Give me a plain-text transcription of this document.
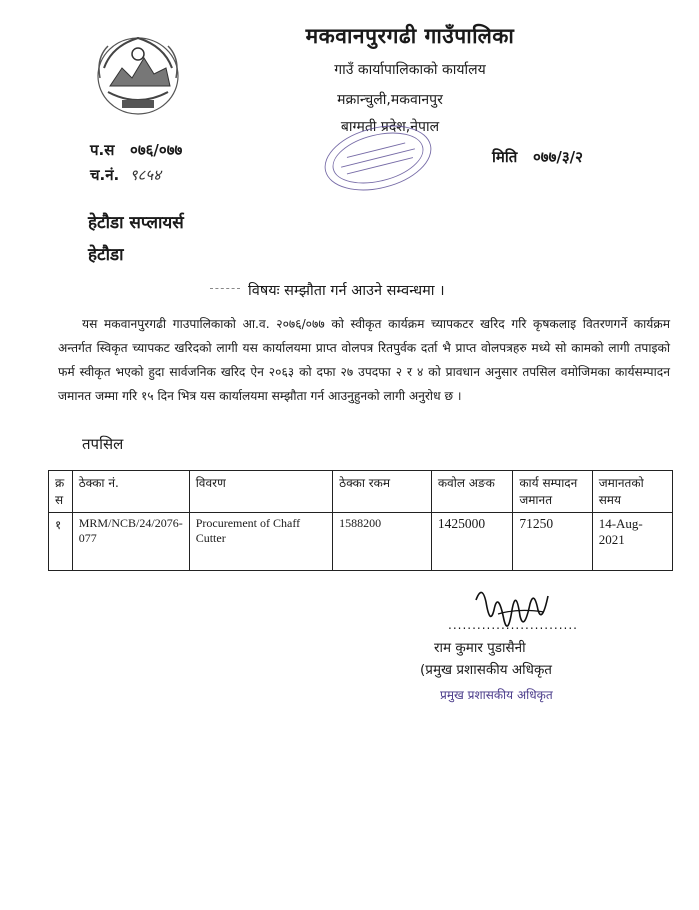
मकवानपुरगढी गाउँपालिका
गाउँ कार्यापालिकाको कार्यालय
मक्रान्चुली,मकवानपुर
बाग्मती प्रदेश,नेपाल
प.स ०७६/०७७
च.नं. ९८५४
मिति ०७७/३/२
हेटौडा सप्लायर्स
हेटौडा
विषयः सम्झौता गर्न आउने सम्वन्धमा ।

यस मकवानपुरगढी गाउपालिकाको आ.व. २०७६/०७७ को स्वीकृत कार्यक्रम च्यापकटर खरिद गरि कृषकलाइ वितरणगर्ने कार्यक्रम अन्तर्गत स्विकृत च्यापकट खरिदको लागी यस कार्यालयमा प्राप्त वोलपत्र रितपुर्वक दर्ता भै प्राप्त वोलपत्रहरु मध्ये सो कामको लागी तपाइको फर्म स्वीकृत भएको हुदा सार्वजनिक खरिद ऐन २०६३ को दफा २७ उपदफा २ र ४ को प्रावधान अनुसार तपसिल वमोजिमका कार्यसम्पादन जमानत जम्मा गरि १५ दिन भित्र यस कार्यालयमा सम्झौता गर्न आउनुहुनको लागी अनुरोध छ ।

तपसिल
क्र स	ठेक्का नं.	विवरण	ठेक्का रकम	कवोल अङक	कार्य सम्पादन जमानत	जमानतको समय
१	MRM/NCB/24/2076-077	Procurement of Chaff Cutter	1588200	1425000	71250	14-Aug-2021
...........................
राम कुमार पुडासैनी
(प्रमुख प्रशासकीय अधिकृत
प्रमुख प्रशासकीय अधिकृत
